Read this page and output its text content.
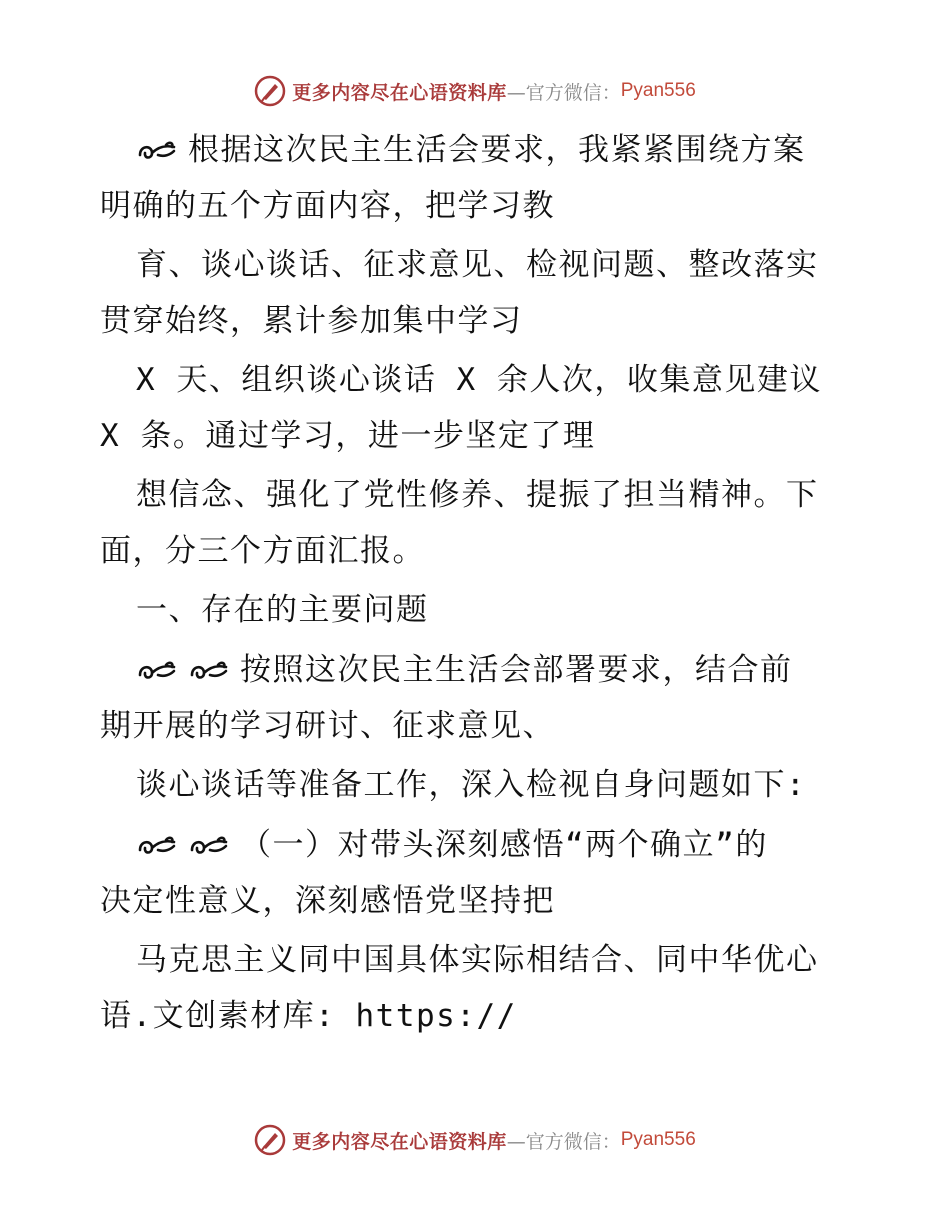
更多内容尽在心语资料库 —官方微信： Pyan556
根据这次民主生活会要求，我紧紧围绕方案
明确的五个方面内容，把学习教
育、谈心谈话、征求意见、检视问题、整改落实
贯穿始终，累计参加集中学习
X 天、组织谈心谈话 X 余人次，收集意见建议
X 条。通过学习，进一步坚定了理
想信念、强化了党性修养、提振了担当精神。下
面，分三个方面汇报。
一、存在的主要问题
按照这次民主生活会部署要求，结合前
期开展的学习研讨、征求意见、
谈心谈话等准备工作，深入检视自身问题如下:
（一）对带头深刻感悟“两个确立”的
决定性意义，深刻感悟党坚持把
马克思主义同中国具体实际相结合、同中华优心
语.文创素材库: https://
更多内容尽在心语资料库 —官方微信： Pyan556
